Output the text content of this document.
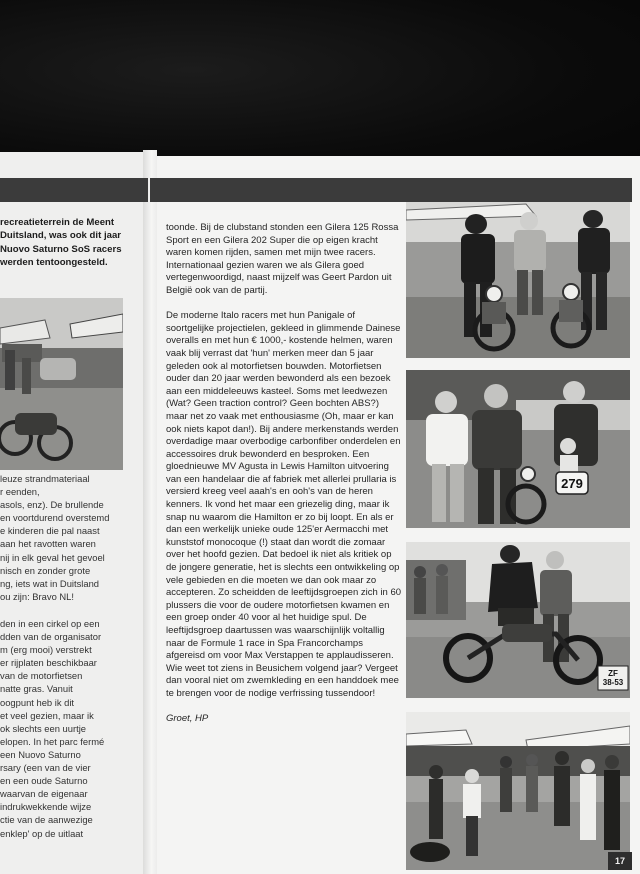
recreatieterrein de Meent
Duitsland, was ook dit jaar
Nuovo Saturno SoS racers
werden tentoongesteld.
leuze strandmateriaal
r eenden,
asols, enz). De brullende
en voortdurend overstemd
e kinderen die pal naast
aan het ravotten waren
nij in elk geval het gevoel
nisch en zonder grote
ng, iets wat in Duitsland
ou zijn: Bravo NL!
den in een cirkel op een
dden van de organisator
m (erg mooi) verstrekt
er rijplaten beschikbaar
van de motorfietsen
natte gras. Vanuit
oogpunt heb ik dit
et veel gezien, maar ik
ok slechts een uurtje
elopen. In het parc fermé
een Nuovo Saturno
rsary (een van de vier
en een oude Saturno
waarvan de eigenaar
indrukwekkende wijze
ctie van de aanwezige
enklep' op de uitlaat

toonde. Bij de clubstand stonden een Gilera 125 Rossa Sport en een Gilera 202 Super die op eigen kracht waren komen rijden, samen met mijn twee racers. Internationaal gezien waren we als Gilera goed vertegenwoordigd, naast mijzelf was Geert Pardon uit België ook van de partij.

De moderne Italo racers met hun Panigale of soortgelijke projectielen, gekleed in glimmende Dainese overalls en met hun € 1000,- kostende helmen, waren vaak blij verrast dat 'hun' merken meer dan 5 jaar geleden ook al motorfietsen bouwden. Motorfietsen ouder dan 20 jaar werden bewonderd als een bezoek aan een middeleeuws kasteel. Soms met leedwezen (Wat? Geen traction control? Geen bochten ABS?) maar net zo vaak met enthousiasme (Oh, maar er kan ook niets kapot dan!). Bij andere merkenstands werden overdadige maar overbodige carbonfiber onderdelen en accessoires druk bewonderd en besproken. Een gloednieuwe MV Agusta in Lewis Hamilton uitvoering van een handelaar die af fabriek met allerlei prullaria is versierd kreeg veel aaah's en ooh's van de heren kenners. Ik vond het maar een griezelig ding, maar ik snap nu waarom die Hamilton er zo bij loopt. En als er dan een werkelijk unieke oude 125'er Aermacchi met kunststof monocoque (!) staat dan wordt die zomaar over het hoofd gezien. Dat bedoel ik niet als kritiek op de jongere generatie, het is slechts een ontwikkeling op vele gebieden en die moeten we dan ook maar zo accepteren. Zo scheidden de leeftijdsgroepen zich in 60 plussers die voor de oudere motorfietsen kwamen en een groep onder 40 voor al het huidige spul. De leeftijdsgroep daartussen was waarschijnlijk voltallig naar de Formule 1 race in Spa Francorchamps afgereisd om voor Max Verstappen te applaudisseren. Wie weet tot ziens in Beusichem volgend jaar? Vergeet dan vooral niet om zwemkleding en een handdoek mee te brengen voor de nodige verfrissing tussendoor!

Groet, HP

279
ZF 38-53
17
